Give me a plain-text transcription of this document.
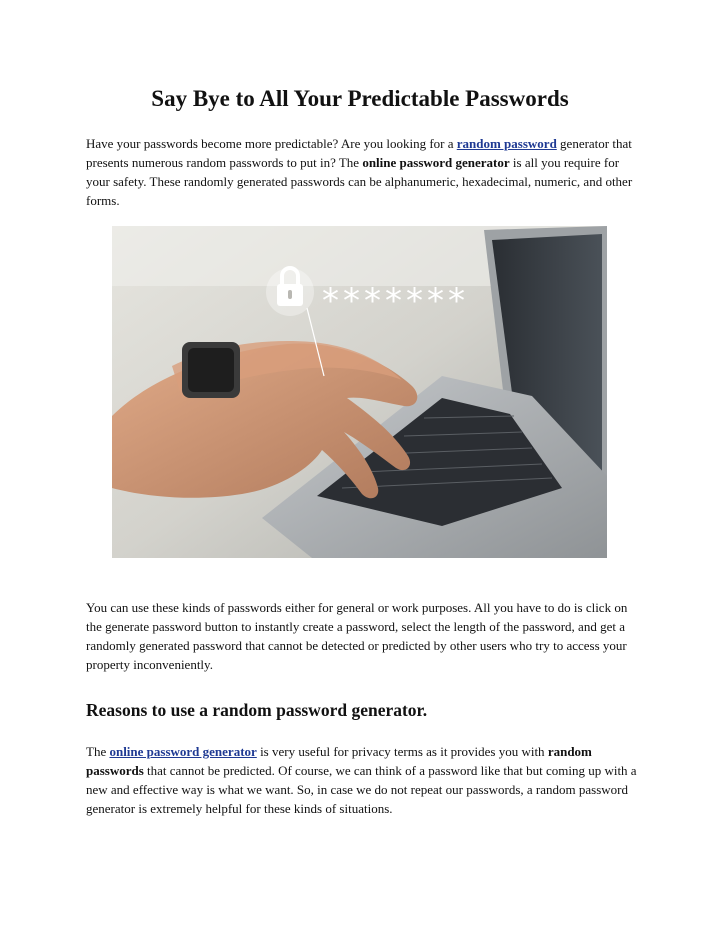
Say Bye to All Your Predictable Passwords

Have your passwords become more predictable? Are you looking for a random password generator that presents numerous random passwords to put in? The online password generator is all you require for your safety. These randomly generated passwords can be alphanumeric, hexadecimal, numeric, and other forms.

*******

You can use these kinds of passwords either for general or work purposes. All you have to do is click on the generate password button to instantly create a password, select the length of the password, and get a randomly generated password that cannot be detected or predicted by other users who try to access your property inconveniently.

Reasons to use a random password generator.

The online password generator is very useful for privacy terms as it provides you with random passwords that cannot be predicted. Of course, we can think of a password like that but coming up with a new and effective way is what we want. So, in case we do not repeat our passwords, a random password generator is extremely helpful for these kinds of situations.
